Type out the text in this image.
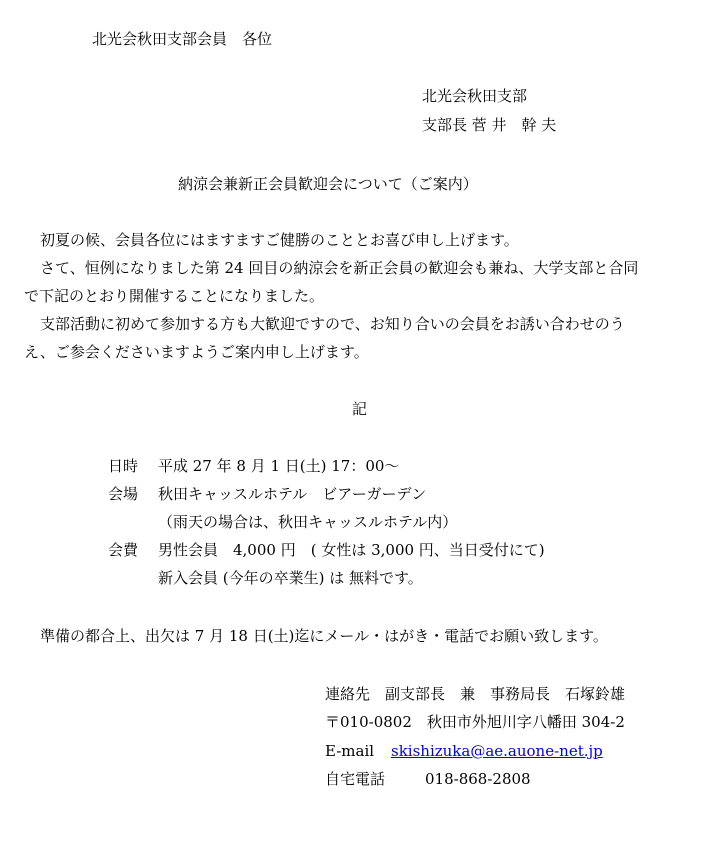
北光会秋田支部会員　各位
北光会秋田支部
支部長 菅 井　幹 夫
納涼会兼新正会員歓迎会について（ご案内）
初夏の候、会員各位にはますますご健勝のこととお喜び申し上げます。
さて、恒例になりました第 24 回目の納涼会を新正会員の歓迎会も兼ね、大学支部と合同
で下記のとおり開催することになりました。
支部活動に初めて参加する方も大歓迎ですので、お知り合いの会員をお誘い合わせのう
え、ご参会くださいますようご案内申し上げます。
記
日時 平成 27 年 8 月 1 日(土) 17：00～
会場 秋田キャッスルホテル　ビアーガーデン
（雨天の場合は、秋田キャッスルホテル内）
会費 男性会員　4,000 円　( 女性は 3,000 円、当日受付にて)
新入会員 (今年の卒業生) は 無料です。
準備の都合上、出欠は 7 月 18 日(土)迄にメール・はがき・電話でお願い致します。
連絡先　副支部長　兼　事務局長　石塚鈴雄
〒010-0802　秋田市外旭川字八幡田 304-2
E-mail skishizuka@ae.auone-net.jp
自宅電話	018-868-2808
